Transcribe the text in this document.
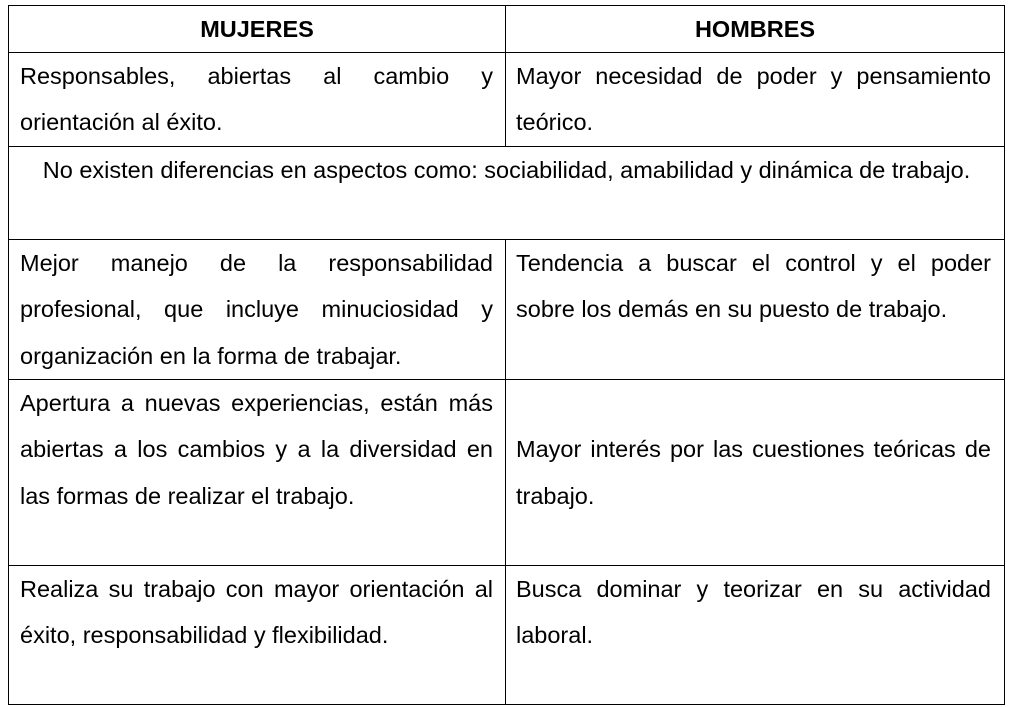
MUJERES	HOMBRES
Responsables, abiertas al cambio y orientación al éxito.	Mayor necesidad de poder y pensamiento teórico.
No existen diferencias en aspectos como: sociabilidad, amabilidad y dinámica de trabajo.	
Mejor manejo de la responsabilidad profesional, que incluye minuciosidad y organización en la forma de trabajar.	Tendencia a buscar el control y el poder sobre los demás en su puesto de trabajo.
Apertura a nuevas experiencias, están más abiertas a los cambios y a la diversidad en las formas de realizar el trabajo.	Mayor interés por las cuestiones teóricas de trabajo.
Realiza su trabajo con mayor orientación al éxito, responsabilidad y flexibilidad.	Busca dominar y teorizar en su actividad laboral.
